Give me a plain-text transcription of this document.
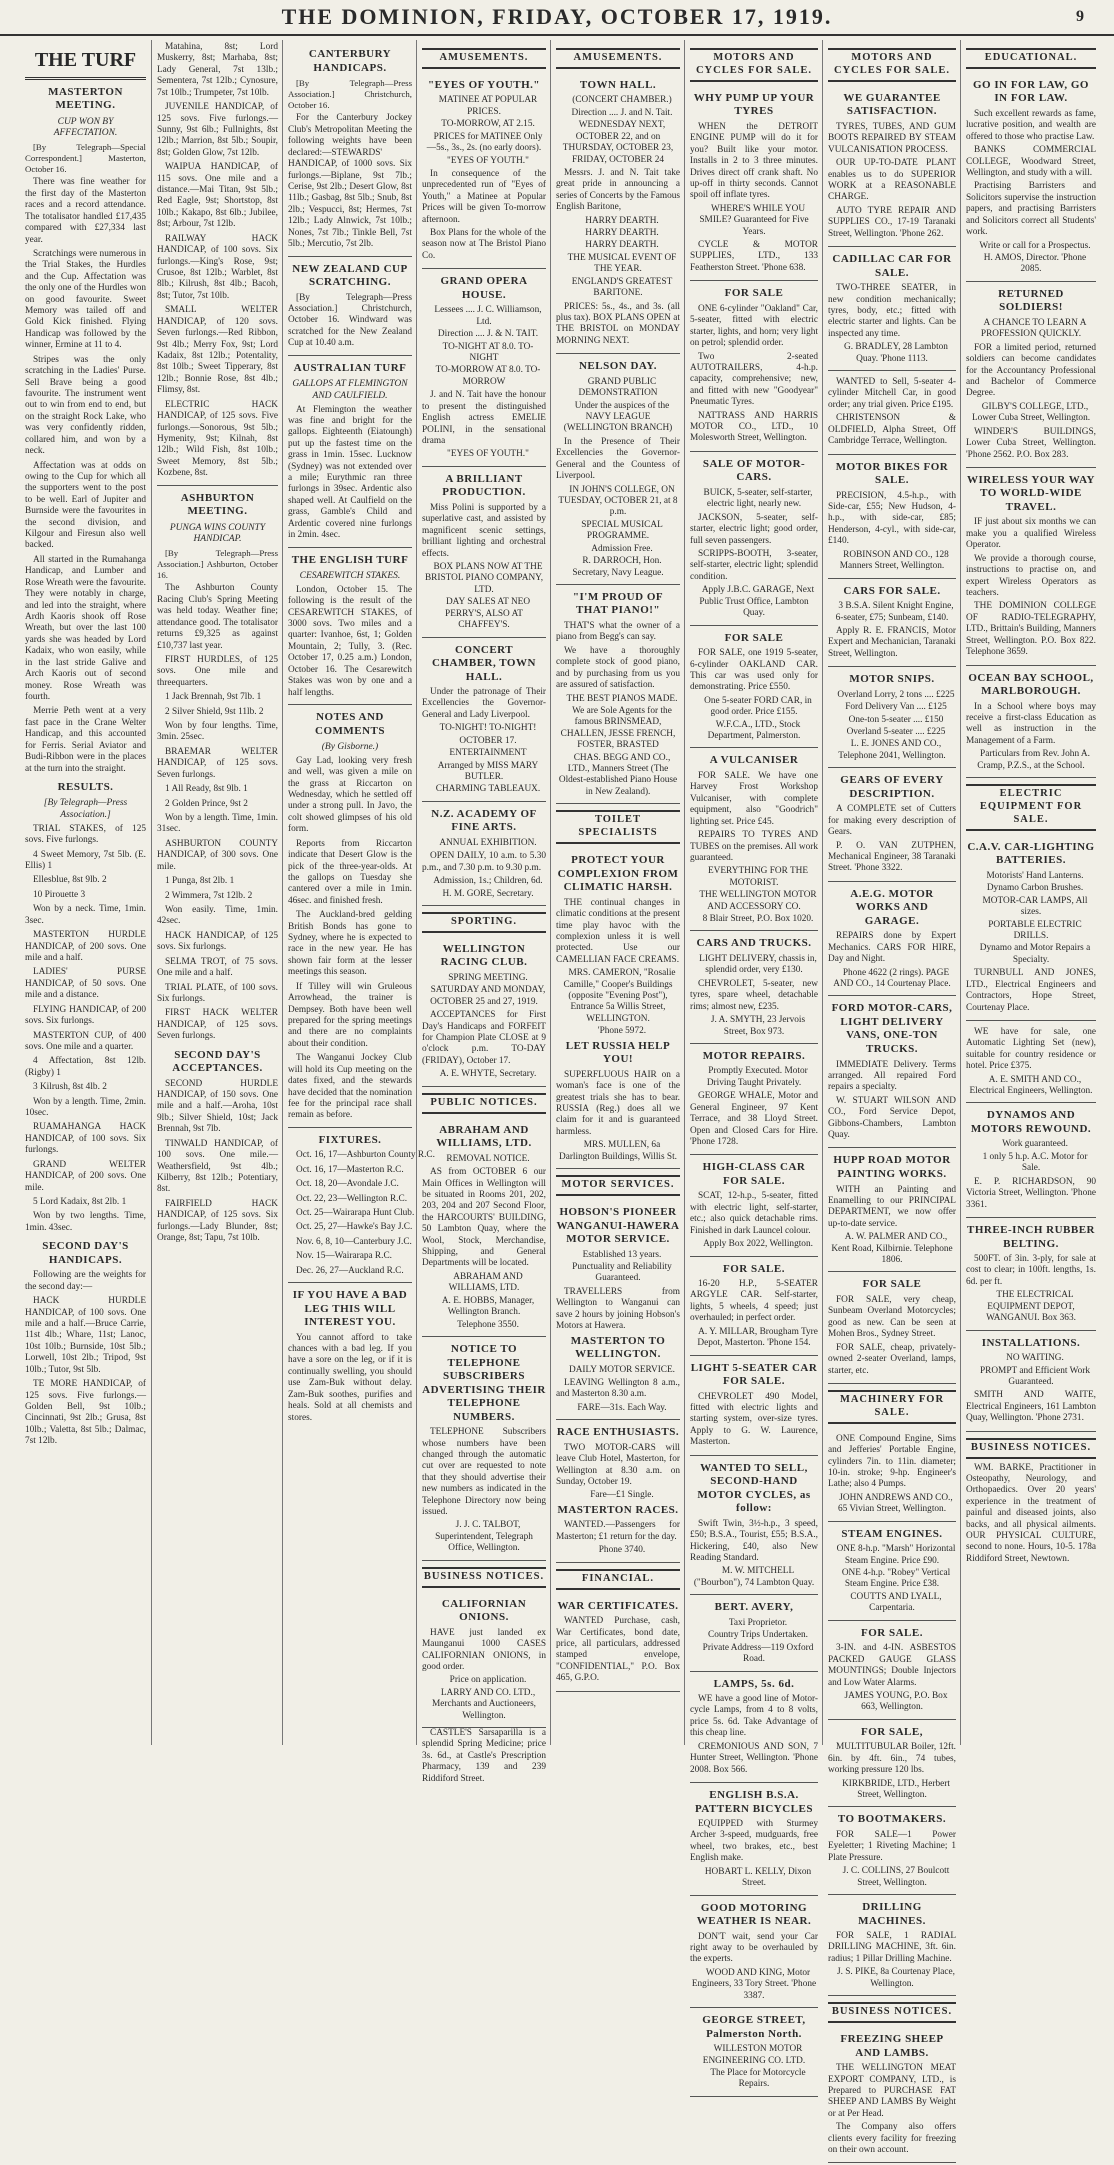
THE DOMINION, FRIDAY, OCTOBER 17, 1919.	9
THE TURF
MASTERTON MEETING.
CUP WON BY AFFECTATION.

[By Telegraph—Special Correspondent.] Masterton, October 16.

There was fine weather for the first day of the Masterton races and a record attendance. The totalisator handled £17,435 compared with £27,334 last year.

Scratchings were numerous in the Trial Stakes, the Hurdles and the Cup. Affectation was the only one of the Hurdles won on good favourite. Sweet Memory was tailed off and Gold Kick finished. Flying Handicap was followed by the winner, Ermine at 11 to 4.

Stripes was the only scratching in the Ladies' Purse. Sell Brave being a good favourite. The instrument went out to win from end to end, but on the straight Rock Lake, who was very confidently ridden, collared him, and won by a neck.

Affectation was at odds on owing to the Cup for which all the supporters went to the post to be well. Earl of Jupiter and Burnside were the favourites in the second division, and Kilgour and Firesun also well backed.

All started in the Rumahanga Handicap, and Lumber and Rose Wreath were the favourite. They were notably in charge, and led into the straight, where Ardh Kaoris shook off Rose Wreath, but over the last 100 yards she was headed by Lord Kadaix, who won easily, while in the last stride Galive and Arch Kaoris out of second money. Rose Wreath was fourth.

Merrie Peth went at a very fast pace in the Crane Welter Handicap, and this accounted for Ferris. Serial Aviator and Budi-Ribbon were in the places at the turn into the straight.

RESULTS.
[By Telegraph—Press Association.]

TRIAL STAKES, of 125 sovs. Five furlongs.

4 Sweet Memory, 7st 5lb. (E. Ellis) 1

Ellesblue, 8st 9lb. 2

10 Pirouette 3

Won by a neck. Time, 1min. 3sec.

MASTERTON HURDLE HANDICAP, of 200 sovs. One mile and a half.

LADIES' PURSE HANDICAP, of 50 sovs. One mile and a distance.

FLYING HANDICAP, of 200 sovs. Six furlongs.

MASTERTON CUP, of 400 sovs. One mile and a quarter.

4 Affectation, 8st 12lb. (Rigby) 1

3 Kilrush, 8st 4lb. 2

Won by a length. Time, 2min. 10sec.

RUAMAHANGA HACK HANDICAP, of 100 sovs. Six furlongs.

GRAND WELTER HANDICAP, of 200 sovs. One mile.

5 Lord Kadaix, 8st 2lb. 1

Won by two lengths. Time, 1min. 43sec.

SECOND DAY'S HANDICAPS.

Following are the weights for the second day:—

HACK HURDLE HANDICAP, of 100 sovs. One mile and a half.—Bruce Carrie, 11st 4lb.; Whare, 11st; Lanoc, 10st 10lb.; Burnside, 10st 5lb.; Lorwell, 10st 2lb.; Tripod, 9st 10lb.; Tutor, 9st 5lb.

TE MORE HANDICAP, of 125 sovs. Five furlongs.—Golden Bell, 9st 10lb.; Cincinnati, 9st 2lb.; Grusa, 8st 10lb.; Valetta, 8st 5lb.; Dalmac, 7st 12lb.

Matahina, 8st; Lord Muskerry, 8st; Marhaba, 8st; Lady General, 7st 13lb.; Sementera, 7st 12lb.; Cynosure, 7st 10lb.; Trumpeter, 7st 10lb.

JUVENILE HANDICAP, of 125 sovs. Five furlongs.—Sunny, 9st 6lb.; Fullnights, 8st 12lb.; Marrion, 8st 5lb.; Soupir, 8st; Golden Glow, 7st 12lb.

WAIPUA HANDICAP, of 115 sovs. One mile and a distance.—Mai Titan, 9st 5lb.; Red Eagle, 9st; Shortstop, 8st 10lb.; Kakapo, 8st 6lb.; Jubilee, 8st; Arbour, 7st 12lb.

RAILWAY HACK HANDICAP, of 100 sovs. Six furlongs.—King's Rose, 9st; Crusoe, 8st 12lb.; Warblet, 8st 8lb.; Kilrush, 8st 4lb.; Bacoh, 8st; Tutor, 7st 10lb.

SMALL WELTER HANDICAP, of 120 sovs. Seven furlongs.—Red Ribbon, 9st 4lb.; Merry Fox, 9st; Lord Kadaix, 8st 12lb.; Potentality, 8st 10lb.; Sweet Tipperary, 8st 12lb.; Bonnie Rose, 8st 4lb.; Flimsy, 8st.

ELECTRIC HACK HANDICAP, of 125 sovs. Five furlongs.—Sonorous, 9st 5lb.; Hymenity, 9st; Kilnah, 8st 12lb.; Wild Fish, 8st 10lb.; Sweet Memory, 8st 5lb.; Kozbene, 8st.

ASHBURTON MEETING.
PUNGA WINS COUNTY HANDICAP.

[By Telegraph—Press Association.] Ashburton, October 16.

The Ashburton County Racing Club's Spring Meeting was held today. Weather fine; attendance good. The totalisator returns £9,325 as against £10,737 last year.

FIRST HURDLES, of 125 sovs. One mile and threequarters.

1 Jack Brennah, 9st 7lb. 1

2 Silver Shield, 9st 11lb. 2

Won by four lengths. Time, 3min. 25sec.

BRAEMAR WELTER HANDICAP, of 125 sovs. Seven furlongs.

1 All Ready, 8st 9lb. 1

2 Golden Prince, 9st 2

Won by a length. Time, 1min. 31sec.

ASHBURTON COUNTY HANDICAP, of 300 sovs. One mile.

1 Punga, 8st 2lb. 1

2 Wimmera, 7st 12lb. 2

Won easily. Time, 1min. 42sec.

HACK HANDICAP, of 125 sovs. Six furlongs.

SELMA TROT, of 75 sovs. One mile and a half.

TRIAL PLATE, of 100 sovs. Six furlongs.

FIRST HACK WELTER HANDICAP, of 125 sovs. Seven furlongs.

SECOND DAY'S ACCEPTANCES.

SECOND HURDLE HANDICAP, of 150 sovs. One mile and a half.—Aroha, 10st 9lb.; Silver Shield, 10st; Jack Brennah, 9st 7lb.

TINWALD HANDICAP, of 100 sovs. One mile.—Weathersfield, 9st 4lb.; Kilberry, 8st 12lb.; Potentiary, 8st.

FAIRFIELD HACK HANDICAP, of 125 sovs. Six furlongs.—Lady Blunder, 8st; Orange, 8st; Tapu, 7st 10lb.

CANTERBURY HANDICAPS.

[By Telegraph—Press Association.] Christchurch, October 16.

For the Canterbury Jockey Club's Metropolitan Meeting the following weights have been declared:—STEWARDS' HANDICAP, of 1000 sovs. Six furlongs.—Biplane, 9st 7lb.; Cerise, 9st 2lb.; Desert Glow, 8st 11lb.; Gasbag, 8st 5lb.; Snub, 8st 2lb.; Vespucci, 8st; Hermes, 7st 12lb.; Lady Alnwick, 7st 10lb.; Nones, 7st 7lb.; Tinkle Bell, 7st 5lb.; Mercutio, 7st 2lb.

NEW ZEALAND CUP SCRATCHING.

[By Telegraph—Press Association.] Christchurch, October 16. Windward was scratched for the New Zealand Cup at 10.40 a.m.

AUSTRALIAN TURF
GALLOPS AT FLEMINGTON AND CAULFIELD.

At Flemington the weather was fine and bright for the gallops. Eighteenth (Eiatoungh) put up the fastest time on the grass in 1min. 15sec. Lucknow (Sydney) was not extended over a mile; Eurythmic ran three furlongs in 39sec. Ardentic also shaped well. At Caulfield on the grass, Gamble's Child and Ardentic covered nine furlongs in 2min. 4sec.

THE ENGLISH TURF
CESAREWITCH STAKES.

London, October 15. The following is the result of the CESAREWITCH STAKES, of 3000 sovs. Two miles and a quarter: Ivanhoe, 6st, 1; Golden Mountain, 2; Tully, 3. (Rec. October 17, 0.25 a.m.) London, October 16. The Cesarewitch Stakes was won by one and a half lengths.

NOTES AND COMMENTS
(By Gisborne.)

Gay Lad, looking very fresh and well, was given a mile on the grass at Riccarton on Wednesday, which he settled off under a strong pull. In Javo, the colt showed glimpses of his old form.

Reports from Riccarton indicate that Desert Glow is the pick of the three-year-olds. At the gallops on Tuesday she cantered over a mile in 1min. 46sec. and finished fresh.

The Auckland-bred gelding British Bonds has gone to Sydney, where he is expected to race in the new year. He has shown fair form at the lesser meetings this season.

If Tilley will win Gruleous Arrowhead, the trainer is Dempsey. Both have been well prepared for the spring meetings and there are no complaints about their condition.

The Wanganui Jockey Club will hold its Cup meeting on the dates fixed, and the stewards have decided that the nomination fee for the principal race shall remain as before.

FIXTURES.

Oct. 16, 17—Ashburton County R.C.

Oct. 16, 17—Masterton R.C.

Oct. 18, 20—Avondale J.C.

Oct. 22, 23—Wellington R.C.

Oct. 25—Wairarapa Hunt Club.

Oct. 25, 27—Hawke's Bay J.C.

Nov. 6, 8, 10—Canterbury J.C.

Nov. 15—Wairarapa R.C.

Dec. 26, 27—Auckland R.C.

IF YOU HAVE A BAD LEG THIS WILL INTEREST YOU.

You cannot afford to take chances with a bad leg. If you have a sore on the leg, or if it is continually swelling, you should use Zam-Buk without delay. Zam-Buk soothes, purifies and heals. Sold at all chemists and stores.

AMUSEMENTS.
"EYES OF YOUTH."

MATINEE AT POPULAR PRICES.

TO-MORROW, AT 2.15.

PRICES for MATINEE Only—5s., 3s., 2s. (no early doors).

"EYES OF YOUTH."

In consequence of the unprecedented run of "Eyes of Youth," a Matinee at Popular Prices will be given To-morrow afternoon.

Box Plans for the whole of the season now at The Bristol Piano Co.

GRAND OPERA HOUSE.

Lessees .... J. C. Williamson, Ltd.

Direction .... J. & N. TAIT.

TO-NIGHT AT 8.0. TO-NIGHT

TO-MORROW AT 8.0. TO-MORROW

J. and N. Tait have the honour to present the distinguished English actress EMELIE POLINI, in the sensational drama

"EYES OF YOUTH."

A BRILLIANT PRODUCTION.

Miss Polini is supported by a superlative cast, and assisted by magnificent scenic settings, brilliant lighting and orchestral effects.

BOX PLANS NOW AT THE BRISTOL PIANO COMPANY, LTD.

DAY SALES AT NEO PERRY'S, ALSO AT CHAFFEY'S.

CONCERT CHAMBER, TOWN HALL.

Under the patronage of Their Excellencies the Governor-General and Lady Liverpool.

TO-NIGHT! TO-NIGHT!

OCTOBER 17.

ENTERTAINMENT

Arranged by MISS MARY BUTLER.

CHARMING TABLEAUX.

N.Z. ACADEMY OF FINE ARTS.

ANNUAL EXHIBITION.

OPEN DAILY, 10 a.m. to 5.30 p.m., and 7.30 p.m. to 9.30 p.m.

Admission, 1s.; Children, 6d.

H. M. GORE, Secretary.

SPORTING.
WELLINGTON RACING CLUB.

SPRING MEETING.

SATURDAY AND MONDAY, OCTOBER 25 and 27, 1919.

ACCEPTANCES for First Day's Handicaps and FORFEIT for Champion Plate CLOSE at 9 o'clock p.m. TO-DAY (FRIDAY), October 17.

A. E. WHYTE, Secretary.

PUBLIC NOTICES.
ABRAHAM AND WILLIAMS, LTD.

REMOVAL NOTICE.

AS from OCTOBER 6 our Main Offices in Wellington will be situated in Rooms 201, 202, 203, 204 and 207 Second Floor, the HARCOURTS' BUILDING, 50 Lambton Quay, where the Wool, Stock, Merchandise, Shipping, and General Departments will be located.

ABRAHAM AND WILLIAMS, LTD.

A. E. HOBBS, Manager, Wellington Branch.

Telephone 3550.

NOTICE TO TELEPHONE SUBSCRIBERS ADVERTISING THEIR TELEPHONE NUMBERS.

TELEPHONE Subscribers whose numbers have been changed through the automatic cut over are requested to note that they should advertise their new numbers as indicated in the Telephone Directory now being issued.

J. J. C. TALBOT, Superintendent, Telegraph Office, Wellington.

BUSINESS NOTICES.
CALIFORNIAN ONIONS.

HAVE just landed ex Maunganui 1000 CASES CALIFORNIAN ONIONS, in good order.

Price on application.

LARRY AND CO. LTD., Merchants and Auctioneers, Wellington.

CASTLE'S Sarsaparilla is a splendid Spring Medicine; price 3s. 6d., at Castle's Prescription Pharmacy, 139 and 239 Riddiford Street.

AMUSEMENTS.
TOWN HALL.

(CONCERT CHAMBER.)

Direction .... J. and N. Tait.

WEDNESDAY NEXT, OCTOBER 22, and on THURSDAY, OCTOBER 23, FRIDAY, OCTOBER 24

Messrs. J. and N. Tait take great pride in announcing a series of Concerts by the Famous English Baritone,

HARRY DEARTH.

HARRY DEARTH.

HARRY DEARTH.

THE MUSICAL EVENT OF THE YEAR.

ENGLAND'S GREATEST BARITONE.

PRICES: 5s., 4s., and 3s. (all plus tax). BOX PLANS OPEN at THE BRISTOL on MONDAY MORNING NEXT.

NELSON DAY.

GRAND PUBLIC DEMONSTRATION

Under the auspices of the NAVY LEAGUE (WELLINGTON BRANCH)

In the Presence of Their Excellencies the Governor-General and the Countess of Liverpool.

IN JOHN'S COLLEGE, ON TUESDAY, OCTOBER 21, at 8 p.m.

SPECIAL MUSICAL PROGRAMME.

Admission Free.

R. DARROCH, Hon. Secretary, Navy League.

"I'M PROUD OF THAT PIANO!"

THAT'S what the owner of a piano from Begg's can say.

We have a thoroughly complete stock of good piano, and by purchasing from us you are assured of satisfaction.

THE BEST PIANOS MADE.

We are Sole Agents for the famous BRINSMEAD, CHALLEN, JESSE FRENCH, FOSTER, BRASTED

CHAS. BEGG AND CO., LTD., Manners Street (The Oldest-established Piano House in New Zealand).

TOILET SPECIALISTS
PROTECT YOUR COMPLEXION FROM CLIMATIC HARSH.

THE continual changes in climatic conditions at the present time play havoc with the complexion unless it is well protected. Use our CAMELLIAN FACE CREAMS.

MRS. CAMERON, "Rosalie Camille," Cooper's Buildings (opposite "Evening Post"), Entrance 5a Willis Street, WELLINGTON.

'Phone 5972.

LET RUSSIA HELP YOU!

SUPERFLUOUS HAIR on a woman's face is one of the greatest trials she has to bear. RUSSIA (Reg.) does all we claim for it and is guaranteed harmless.

MRS. MULLEN, 6a Darlington Buildings, Willis St.

MOTOR SERVICES.
HOBSON'S PIONEER WANGANUI-HAWERA MOTOR SERVICE.

Established 13 years.

Punctuality and Reliability Guaranteed.

TRAVELLERS from Wellington to Wanganui can save 2 hours by joining Hobson's Motors at Hawera.

MASTERTON TO WELLINGTON.

DAILY MOTOR SERVICE.

LEAVING Wellington 8 a.m., and Masterton 8.30 a.m.

FARE—31s. Each Way.

RACE ENTHUSIASTS.

TWO MOTOR-CARS will leave Club Hotel, Masterton, for Wellington at 8.30 a.m. on Sunday, October 19.

Fare—£1 Single.

MASTERTON RACES.

WANTED.—Passengers for Masterton; £1 return for the day.

Phone 3740.

FINANCIAL.
WAR CERTIFICATES.

WANTED Purchase, cash, War Certificates, bond date, price, all particulars, addressed stamped envelope, "CONFIDENTIAL," P.O. Box 465, G.P.O.

MOTORS AND CYCLES FOR SALE.
WHY PUMP UP YOUR TYRES

WHEN the DETROIT ENGINE PUMP will do it for you? Built like your motor. Installs in 2 to 3 three minutes. Drives direct off crank shaft. No up-off in thirty seconds. Cannot spoil off inflate tyres.

WHERE'S WHILE YOU SMILE? Guaranteed for Five Years.

CYCLE & MOTOR SUPPLIES, LTD., 133 Featherston Street. 'Phone 638.

FOR SALE

ONE 6-cylinder "Oakland" Car, 5-seater, fitted with electric starter, lights, and horn; very light on petrol; splendid order.

Two 2-seated AUTOTRAILERS, 4-h.p. capacity, comprehensive; new, and fitted with new "Goodyear" Pneumatic Tyres.

NATTRASS AND HARRIS MOTOR CO., LTD., 10 Molesworth Street, Wellington.

SALE OF MOTOR-CARS.

BUICK, 5-seater, self-starter, electric light, nearly new.

JACKSON, 5-seater, self-starter, electric light; good order, full seven passengers.

SCRIPPS-BOOTH, 3-seater, self-starter, electric light; splendid condition.

Apply J.B.C. GARAGE, Next Public Trust Office, Lambton Quay.

FOR SALE

FOR SALE, one 1919 5-seater, 6-cylinder OAKLAND CAR. This car was used only for demonstrating. Price £550.

One 5-seater FORD CAR, in good order. Price £155.

W.F.C.A., LTD., Stock Department, Palmerston.

A VULCANISER

FOR SALE. We have one Harvey Frost Workshop Vulcaniser, with complete equipment, also "Goodrich" lighting set. Price £45.

REPAIRS TO TYRES AND TUBES on the premises. All work guaranteed.

EVERYTHING FOR THE MOTORIST.

THE WELLINGTON MOTOR AND ACCESSORY CO.

8 Blair Street, P.O. Box 1020.

CARS AND TRUCKS.

LIGHT DELIVERY, chassis in, splendid order, very £130.

CHEVROLET, 5-seater, new tyres, spare wheel, detachable rims; almost new, £235.

J. A. SMYTH, 23 Jervois Street, Box 973.

MOTOR REPAIRS.

Promptly Executed. Motor Driving Taught Privately.

GEORGE WHALE, Motor and General Engineer, 97 Kent Terrace, and 38 Lloyd Street. Open and Closed Cars for Hire. 'Phone 1728.

HIGH-CLASS CAR FOR SALE.

SCAT, 12-h.p., 5-seater, fitted with electric light, self-starter, etc.; also quick detachable rims. Finished in dark Launcel colour.

Apply Box 2022, Wellington.

FOR SALE.

16-20 H.P., 5-SEATER ARGYLE CAR. Self-starter, lights, 5 wheels, 4 speed; just overhauled; in perfect order.

A. Y. MILLAR, Brougham Tyre Depot, Masterton. 'Phone 154.

LIGHT 5-SEATER CAR FOR SALE.

CHEVROLET 490 Model, fitted with electric lights and starting system, over-size tyres. Apply to G. W. Laurence, Masterton.

WANTED TO SELL, SECOND-HAND MOTOR CYCLES, as follow:

Swift Twin, 3½-h.p., 3 speed, £50; B.S.A., Tourist, £55; B.S.A., Hickering, £40, also New Reading Standard.

M. W. MITCHELL ("Bourbon"), 74 Lambton Quay.

BERT. AVERY,

Taxi Proprietor.

Country Trips Undertaken.

Private Address—119 Oxford Road.

LAMPS, 5s. 6d.

WE have a good line of Motor-cycle Lamps, from 4 to 8 volts, price 5s. 6d. Take Advantage of this cheap line.

CREMONIOUS AND SON, 7 Hunter Street, Wellington. 'Phone 2008. Box 566.

ENGLISH B.S.A. PATTERN BICYCLES

EQUIPPED with Sturmey Archer 3-speed, mudguards, free wheel, two brakes, etc., best English make.

HOBART L. KELLY, Dixon Street.

GOOD MOTORING WEATHER IS NEAR.

DON'T wait, send your Car right away to be overhauled by the experts.

WOOD AND KING, Motor Engineers, 33 Tory Street. 'Phone 3387.

GEORGE STREET, Palmerston North.

WILLESTON MOTOR ENGINEERING CO. LTD.

The Place for Motorcycle Repairs.

MOTORS AND CYCLES FOR SALE.
WE GUARANTEE SATISFACTION.

TYRES, TUBES, AND GUM BOOTS REPAIRED BY STEAM VULCANISATION PROCESS.

OUR UP-TO-DATE PLANT enables us to do SUPERIOR WORK at a REASONABLE CHARGE.

AUTO TYRE REPAIR AND SUPPLIES CO., 17-19 Taranaki Street, Wellington. 'Phone 262.

CADILLAC CAR FOR SALE.

TWO-THREE SEATER, in new condition mechanically; tyres, body, etc.; fitted with electric starter and lights. Can be inspected any time.

G. BRADLEY, 28 Lambton Quay. 'Phone 1113.

WANTED to Sell, 5-seater 4-cylinder Mitchell Car, in good order; any trial given. Price £195.

CHRISTENSON & OLDFIELD, Alpha Street, Off Cambridge Terrace, Wellington.

MOTOR BIKES FOR SALE.

PRECISION, 4.5-h.p., with Side-car, £55; New Hudson, 4-h.p., with side-car, £85; Henderson, 4-cyl., with side-car, £140.

ROBINSON AND CO., 128 Manners Street, Wellington.

CARS FOR SALE.

3 B.S.A. Silent Knight Engine, 6-seater, £75; Sunbeam, £140.

Apply R. E. FRANCIS, Motor Expert and Mechanician, Taranaki Street, Wellington.

MOTOR SNIPS.

Overland Lorry, 2 tons .... £225

Ford Delivery Van .... £125

One-ton 5-seater .... £150

Overland 5-seater .... £225

L. E. JONES AND CO., Telephone 2041, Wellington.

GEARS OF EVERY DESCRIPTION.

A COMPLETE set of Cutters for making every description of Gears.

P. O. VAN ZUTPHEN, Mechanical Engineer, 38 Taranaki Street. 'Phone 3322.

A.E.G. MOTOR WORKS AND GARAGE.

REPAIRS done by Expert Mechanics. CARS FOR HIRE, Day and Night.

Phone 4622 (2 rings). PAGE AND CO., 14 Courtenay Place.

FORD MOTOR-CARS, LIGHT DELIVERY VANS, ONE-TON TRUCKS.

IMMEDIATE Delivery. Terms arranged. All repaired Ford repairs a specialty.

W. STUART WILSON AND CO., Ford Service Depot, Gibbons-Chambers, Lambton Quay.

HUPP ROAD MOTOR PAINTING WORKS.

WITH an Painting and Enamelling to our PRINCIPAL DEPARTMENT, we now offer up-to-date service.

A. W. PALMER AND CO., Kent Road, Kilbirnie. Telephone 1806.

FOR SALE

FOR SALE, very cheap, Sunbeam Overland Motorcycles; good as new. Can be seen at Mohen Bros., Sydney Street.

FOR SALE, cheap, privately-owned 2-seater Overland, lamps, starter, etc.

MACHINERY FOR SALE.

ONE Compound Engine, Sims and Jefferies' Portable Engine, cylinders 7in. to 11in. diameter; 10-in. stroke; 9-hp. Engineer's Lathe; also 4 Pumps.

JOHN ANDREWS AND CO., 65 Vivian Street, Wellington.

STEAM ENGINES.

ONE 8-h.p. "Marsh" Horizontal Steam Engine. Price £90.

ONE 4-h.p. "Robey" Vertical Steam Engine. Price £38.

COUTTS AND LYALL, Carpentaria.

FOR SALE.

3-IN. and 4-IN. ASBESTOS PACKED GAUGE GLASS MOUNTINGS; Double Injectors and Low Water Alarms.

JAMES YOUNG, P.O. Box 663, Wellington.

FOR SALE,

MULTITUBULAR Boiler, 12ft. 6in. by 4ft. 6in., 74 tubes, working pressure 120 lbs.

KIRKBRIDE, LTD., Herbert Street, Wellington.

TO BOOTMAKERS.

FOR SALE—1 Power Eyeletter; 1 Riveting Machine; 1 Plate Pressure.

J. C. COLLINS, 27 Boulcott Street, Wellington.

DRILLING MACHINES.

FOR SALE, 1 RADIAL DRILLING MACHINE, 3ft. 6in. radius; 1 Pillar Drilling Machine.

J. S. PIKE, 8a Courtenay Place, Wellington.

BUSINESS NOTICES.
FREEZING SHEEP AND LAMBS.

THE WELLINGTON MEAT EXPORT COMPANY, LTD., is Prepared to PURCHASE FAT SHEEP AND LAMBS By Weight or at Per Head.

The Company also offers clients every facility for freezing on their own account.

EDUCATIONAL.
GO IN FOR LAW, GO IN FOR LAW.

Such excellent rewards as fame, lucrative position, and wealth are offered to those who practise Law.

BANKS COMMERCIAL COLLEGE, Woodward Street, Wellington, and study with a will.

Practising Barristers and Solicitors supervise the instruction papers, and practising Barristers and Solicitors correct all Students' work.

Write or call for a Prospectus.

H. AMOS, Director. 'Phone 2085.

RETURNED SOLDIERS!

A CHANCE TO LEARN A PROFESSION QUICKLY.

FOR a limited period, returned soldiers can become candidates for the Accountancy Professional and Bachelor of Commerce Degree.

GILBY'S COLLEGE, LTD., Lower Cuba Street, Wellington.

WINDER'S BUILDINGS, Lower Cuba Street, Wellington. 'Phone 2562. P.O. Box 283.

WIRELESS YOUR WAY TO WORLD-WIDE TRAVEL.

IF just about six months we can make you a qualified Wireless Operator.

We provide a thorough course, instructions to practise on, and expert Wireless Operators as teachers.

THE DOMINION COLLEGE OF RADIO-TELEGRAPHY, LTD., Brittain's Building, Manners Street, Wellington. P.O. Box 822. Telephone 3659.

OCEAN BAY SCHOOL, MARLBOROUGH.

In a School where boys may receive a first-class Education as well as instruction in the Management of a Farm.

Particulars from Rev. John A. Cramp, P.Z.S., at the School.

ELECTRIC EQUIPMENT FOR SALE.
C.A.V. CAR-LIGHTING BATTERIES.

Motorists' Hand Lanterns.

Dynamo Carbon Brushes.

MOTOR-CAR LAMPS, All sizes.

PORTABLE ELECTRIC DRILLS.

Dynamo and Motor Repairs a Specialty.

TURNBULL AND JONES, LTD., Electrical Engineers and Contractors, Hope Street, Courtenay Place.

WE have for sale, one Automatic Lighting Set (new), suitable for country residence or hotel. Price £375.

A. E. SMITH AND CO., Electrical Engineers, Wellington.

DYNAMOS AND MOTORS REWOUND.

Work guaranteed.

1 only 5 h.p. A.C. Motor for Sale.

E. P. RICHARDSON, 90 Victoria Street, Wellington. 'Phone 3361.

THREE-INCH RUBBER BELTING.

500FT. of 3in. 3-ply, for sale at cost to clear; in 100ft. lengths, 1s. 6d. per ft.

THE ELECTRICAL EQUIPMENT DEPOT, WANGANUI. Box 363.

INSTALLATIONS.

NO WAITING.

PROMPT and Efficient Work Guaranteed.

SMITH AND WAITE, Electrical Engineers, 161 Lambton Quay, Wellington. 'Phone 2731.

BUSINESS NOTICES.

WM. BARKE, Practitioner in Osteopathy, Neurology, and Orthopaedics. Over 20 years' experience in the treatment of painful and diseased joints, also backs, and all physical ailments. OUR PHYSICAL CULTURE, second to none. Hours, 10-5. 178a Riddiford Street, Newtown.
